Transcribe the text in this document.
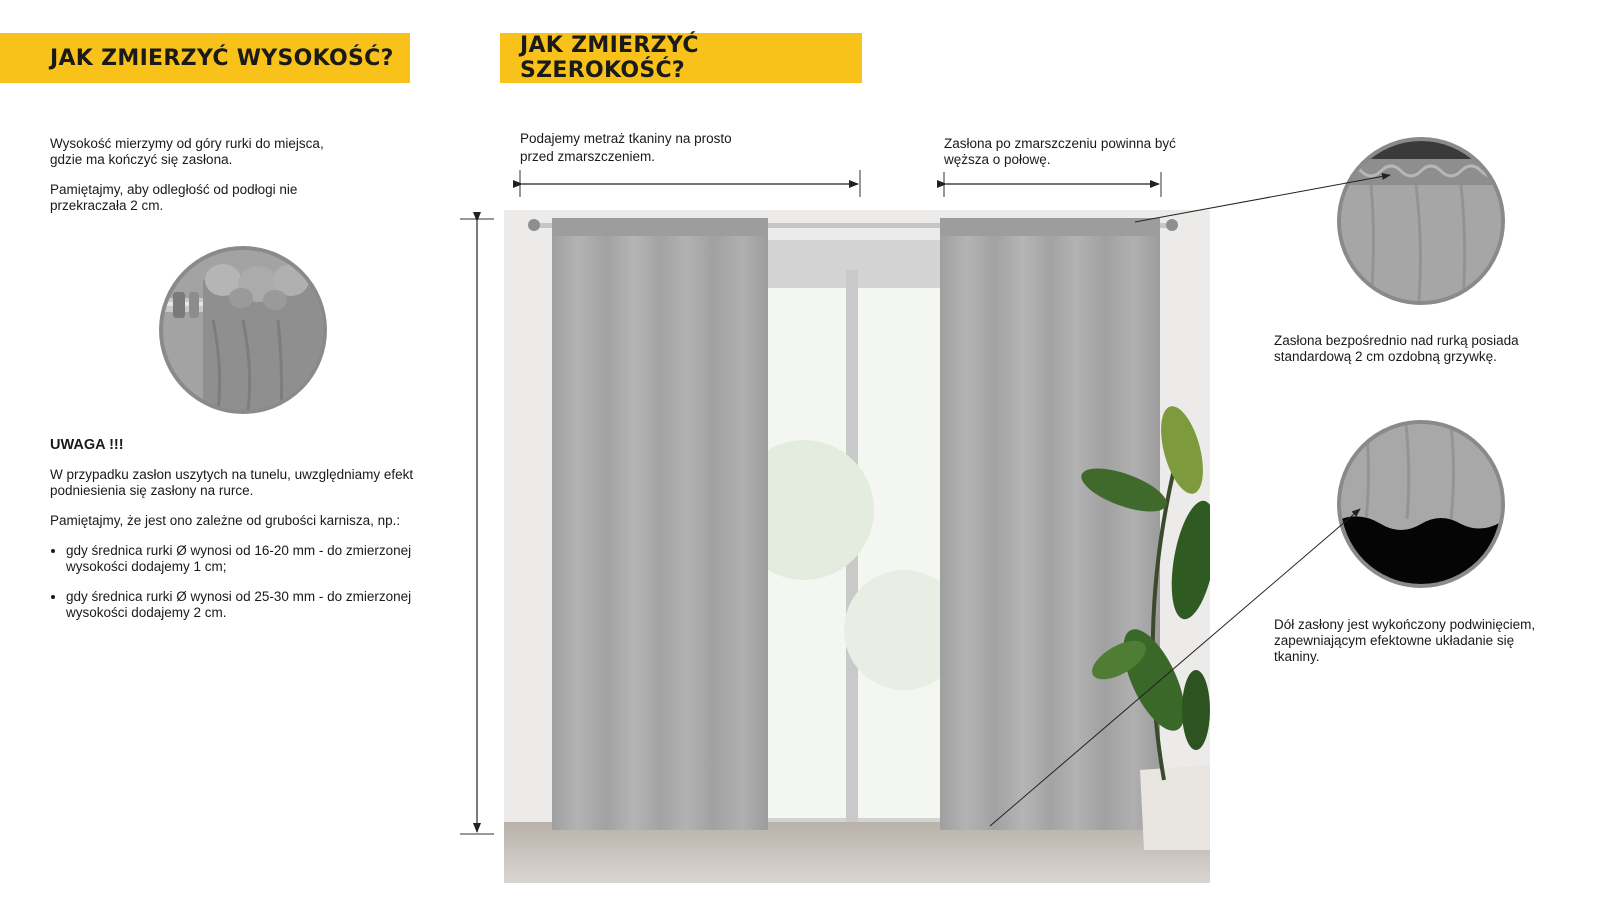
JAK ZMIERZYĆ WYSOKOŚĆ?	JAK ZMIERZYĆ SZEROKOŚĆ?

Wysokość mierzymy od góry rurki do miejsca, gdzie ma kończyć się zasłona.

Pamiętajmy, aby odległość od podłogi nie przekraczała 2 cm.

UWAGA !!!

W przypadku zasłon uszytych na tunelu, uwzględniamy efekt podniesienia się zasłony na rurce.

Pamiętajmy, że jest ono zależne od grubości karnisza, np.:

• gdy średnica rurki Ø wynosi od 16-20 mm - do zmierzonej wysokości dodajemy 1 cm;
• gdy średnica rurki Ø wynosi od 25-30 mm - do zmierzonej wysokości dodajemy 2 cm.

Podajemy metraż tkaniny na prosto przed zmarszczeniem.

Zasłona po zmarszczeniu powinna być węższa o połowę.

Zasłona bezpośrednio nad rurką posiada standardową 2 cm ozdobną grzywkę.

Dół zasłony jest wykończony podwinięciem, zapewniającym efektowne układanie się tkaniny.
